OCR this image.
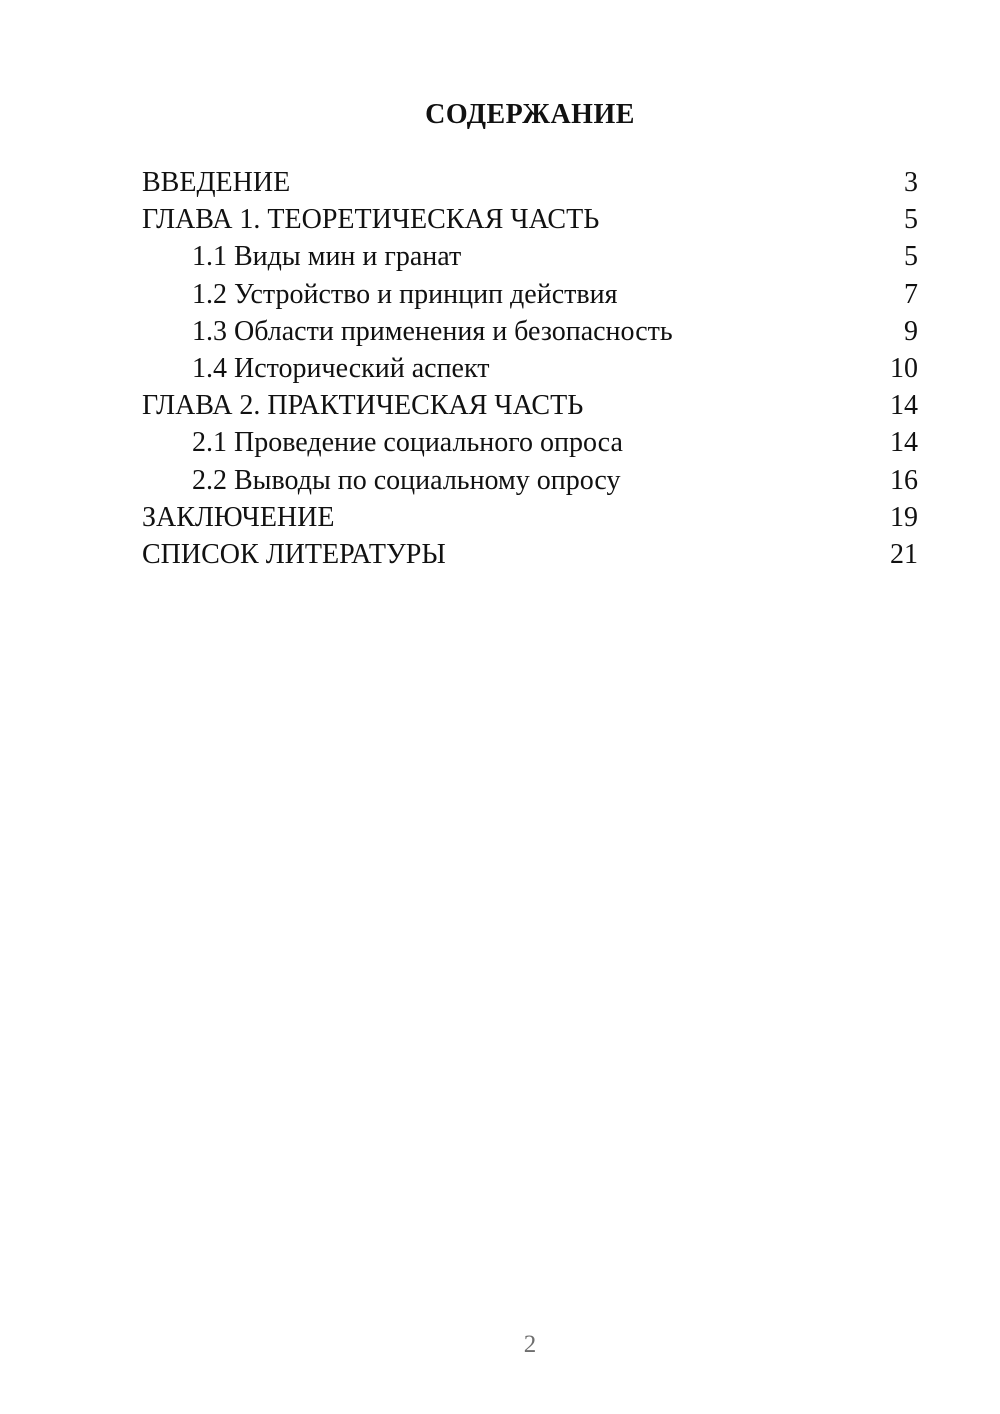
СОДЕРЖАНИЕ
ВВЕДЕНИЕ	3
ГЛАВА 1. ТЕОРЕТИЧЕСКАЯ ЧАСТЬ	5
1.1 Виды мин и гранат	5
1.2 Устройство и принцип действия	7
1.3 Области применения и безопасность	9
1.4 Исторический аспект	10
ГЛАВА 2. ПРАКТИЧЕСКАЯ ЧАСТЬ	14
2.1 Проведение социального опроса	14
2.2 Выводы по социальному опросу	16
ЗАКЛЮЧЕНИЕ	19
СПИСОК ЛИТЕРАТУРЫ	21
2
